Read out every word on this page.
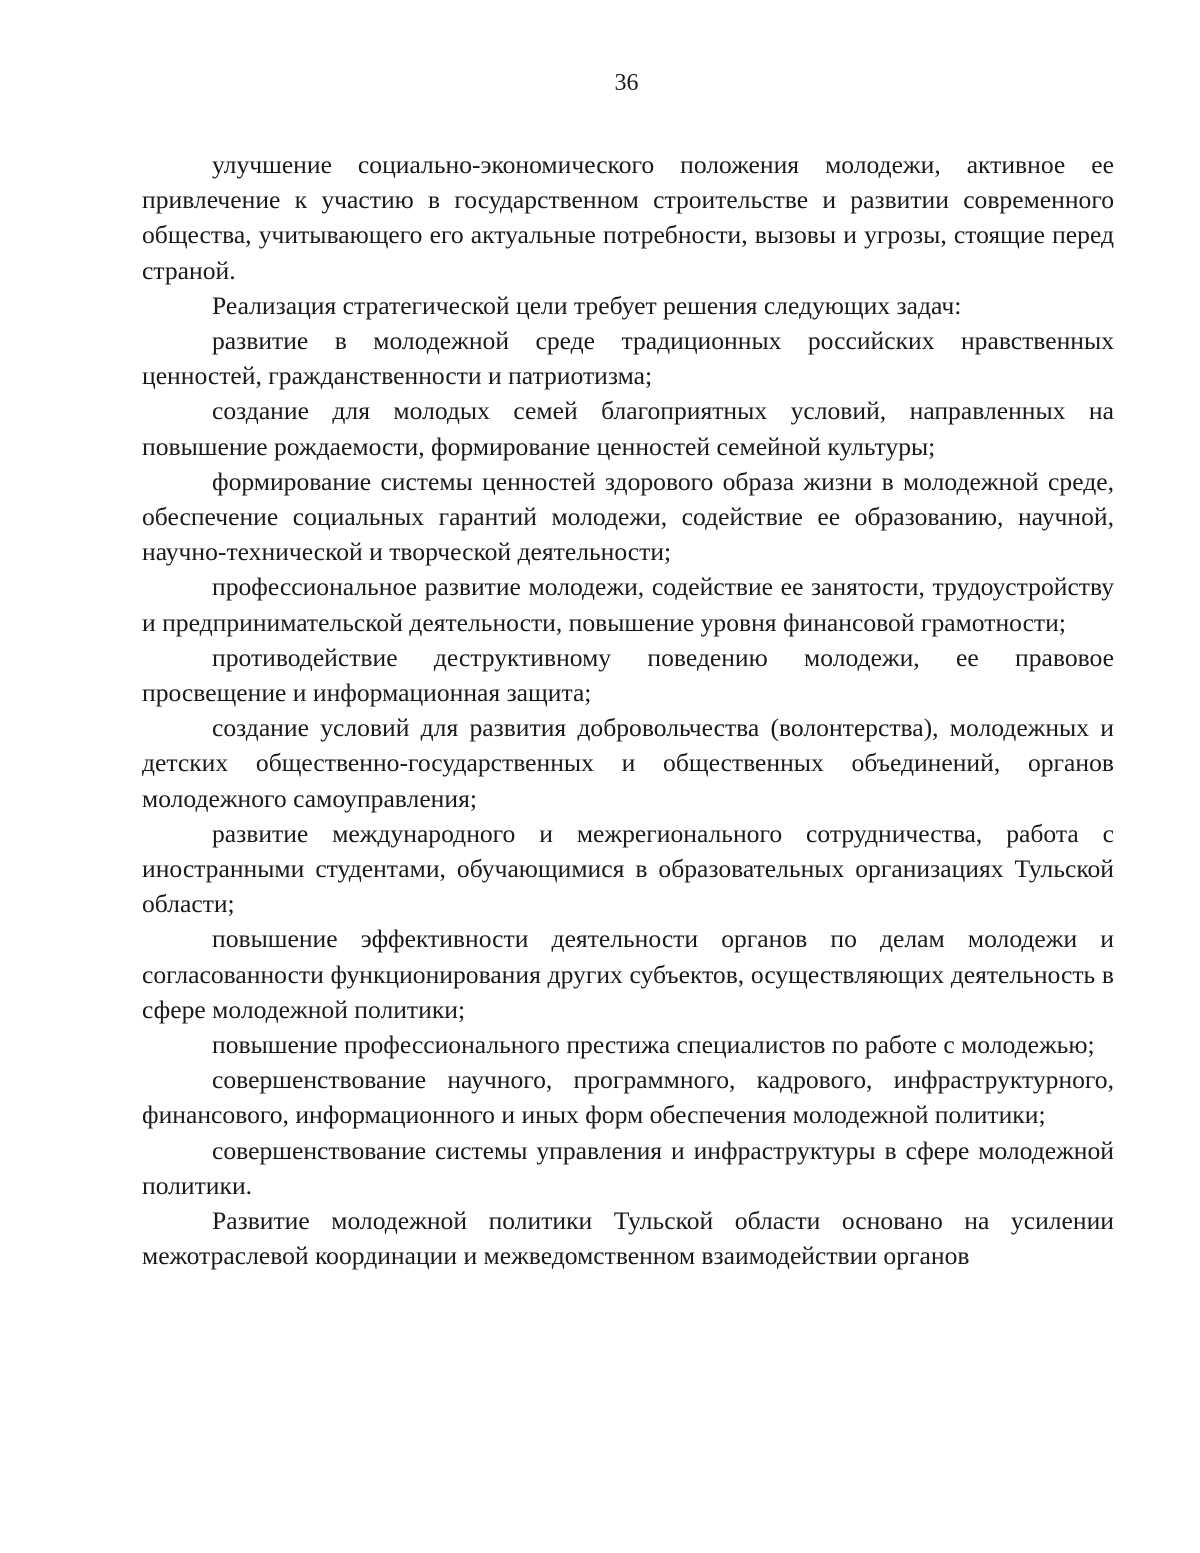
36

улучшение социально-экономического положения молодежи, активное ее привлечение к участию в государственном строительстве и развитии современного общества, учитывающего его актуальные потребности, вызовы и угрозы, стоящие перед страной.

Реализация стратегической цели требует решения следующих задач:

развитие в молодежной среде традиционных российских нравственных ценностей, гражданственности и патриотизма;

создание для молодых семей благоприятных условий, направленных на повышение рождаемости, формирование ценностей семейной культуры;

формирование системы ценностей здорового образа жизни в молодежной среде, обеспечение социальных гарантий молодежи, содействие ее образованию, научной, научно-технической и творческой деятельности;

профессиональное развитие молодежи, содействие ее занятости, трудоустройству и предпринимательской деятельности, повышение уровня финансовой грамотности;

противодействие деструктивному поведению молодежи, ее правовое просвещение и информационная защита;

создание условий для развития добровольчества (волонтерства), молодежных и детских общественно-государственных и общественных объединений, органов молодежного самоуправления;

развитие международного и межрегионального сотрудничества, работа с иностранными студентами, обучающимися в образовательных организациях Тульской области;

повышение эффективности деятельности органов по делам молодежи и согласованности функционирования других субъектов, осуществляющих деятельность в сфере молодежной политики;

повышение профессионального престижа специалистов по работе с молодежью;

совершенствование научного, программного, кадрового, инфраструктурного, финансового, информационного и иных форм обеспечения молодежной политики;

совершенствование системы управления и инфраструктуры в сфере молодежной политики.

Развитие молодежной политики Тульской области основано на усилении межотраслевой координации и межведомственном взаимодействии органов
